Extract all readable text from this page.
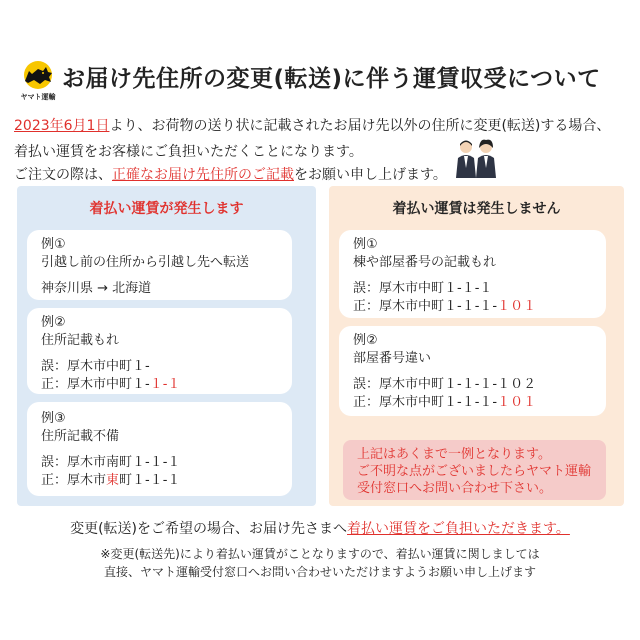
ヤマト運輸
お届け先住所の変更(転送)に伴う運賃収受について
2023年6月1日より、お荷物の送り状に記載されたお届け先以外の住所に変更(転送)する場合、
着払い運賃をお客様にご負担いただくことになります。
ご注文の際は、正確なお届け先住所のご記載をお願い申し上げます。
着払い運賃が発生します
例①
引越し前の住所から引越し先へ転送
神奈川県 → 北海道
例②
住所記載もれ
誤：厚木市中町１-
正：厚木市中町１-１-１
例③
住所記載不備
誤：厚木市南町１-１-１
正：厚木市東町１-１-１
着払い運賃は発生しません
例①
棟や部屋番号の記載もれ
誤：厚木市中町１-１-１
正：厚木市中町１-１-１-１０１
例②
部屋番号違い
誤：厚木市中町１-１-１-１０２
正：厚木市中町１-１-１-１０１
上記はあくまで一例となります。
ご不明な点がございましたらヤマト運輸
受付窓口へお問い合わせ下さい。
変更(転送)をご希望の場合、お届け先さまへ着払い運賃をご負担いただきます。
※変更(転送先)により着払い運賃がことなりますので、着払い運賃に関しましては
直接、ヤマト運輸受付窓口へお問い合わせいただけますようお願い申し上げます
